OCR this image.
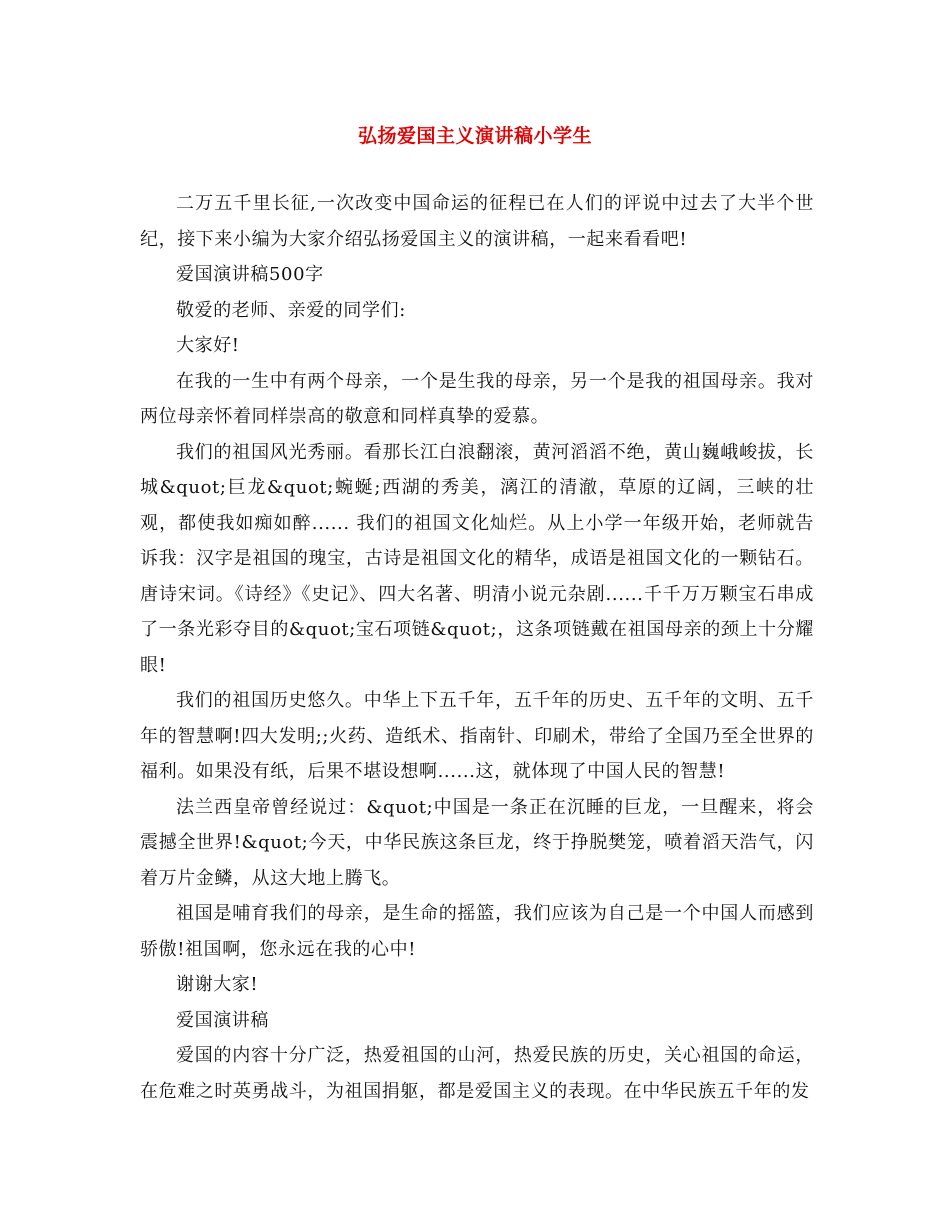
弘扬爱国主义演讲稿小学生

二万五千里长征,一次改变中国命运的征程已在人们的评说中过去了大半个世纪，接下来小编为大家介绍弘扬爱国主义的演讲稿，一起来看看吧!

爱国演讲稿500字

敬爱的老师、亲爱的同学们:

大家好!

在我的一生中有两个母亲，一个是生我的母亲，另一个是我的祖国母亲。我对两位母亲怀着同样崇高的敬意和同样真挚的爱慕。

我们的祖国风光秀丽。看那长江白浪翻滚，黄河滔滔不绝，黄山巍峨峻拔，长城&quot;巨龙&quot;蜿蜒;西湖的秀美，漓江的清澈，草原的辽阔，三峡的壮观，都使我如痴如醉...... 我们的祖国文化灿烂。从上小学一年级开始，老师就告诉我：汉字是祖国的瑰宝，古诗是祖国文化的精华，成语是祖国文化的一颗钻石。唐诗宋词。《诗经》《史记》、四大名著、明清小说元杂剧......千千万万颗宝石串成了一条光彩夺目的&quot;宝石项链&quot;，这条项链戴在祖国母亲的颈上十分耀眼!

我们的祖国历史悠久。中华上下五千年，五千年的历史、五千年的文明、五千年的智慧啊!四大发明;;火药、造纸术、指南针、印刷术，带给了全国乃至全世界的福利。如果没有纸，后果不堪设想啊......这，就体现了中国人民的智慧!

法兰西皇帝曾经说过：&quot;中国是一条正在沉睡的巨龙，一旦醒来，将会震撼全世界!&quot;今天，中华民族这条巨龙，终于挣脱樊笼，喷着滔天浩气，闪着万片金鳞，从这大地上腾飞。

祖国是哺育我们的母亲，是生命的摇篮，我们应该为自己是一个中国人而感到骄傲!祖国啊，您永远在我的心中!

谢谢大家!

爱国演讲稿

爱国的内容十分广泛，热爱祖国的山河，热爱民族的历史，关心祖国的命运，在危难之时英勇战斗，为祖国捐躯，都是爱国主义的表现。在中华民族五千年的发
